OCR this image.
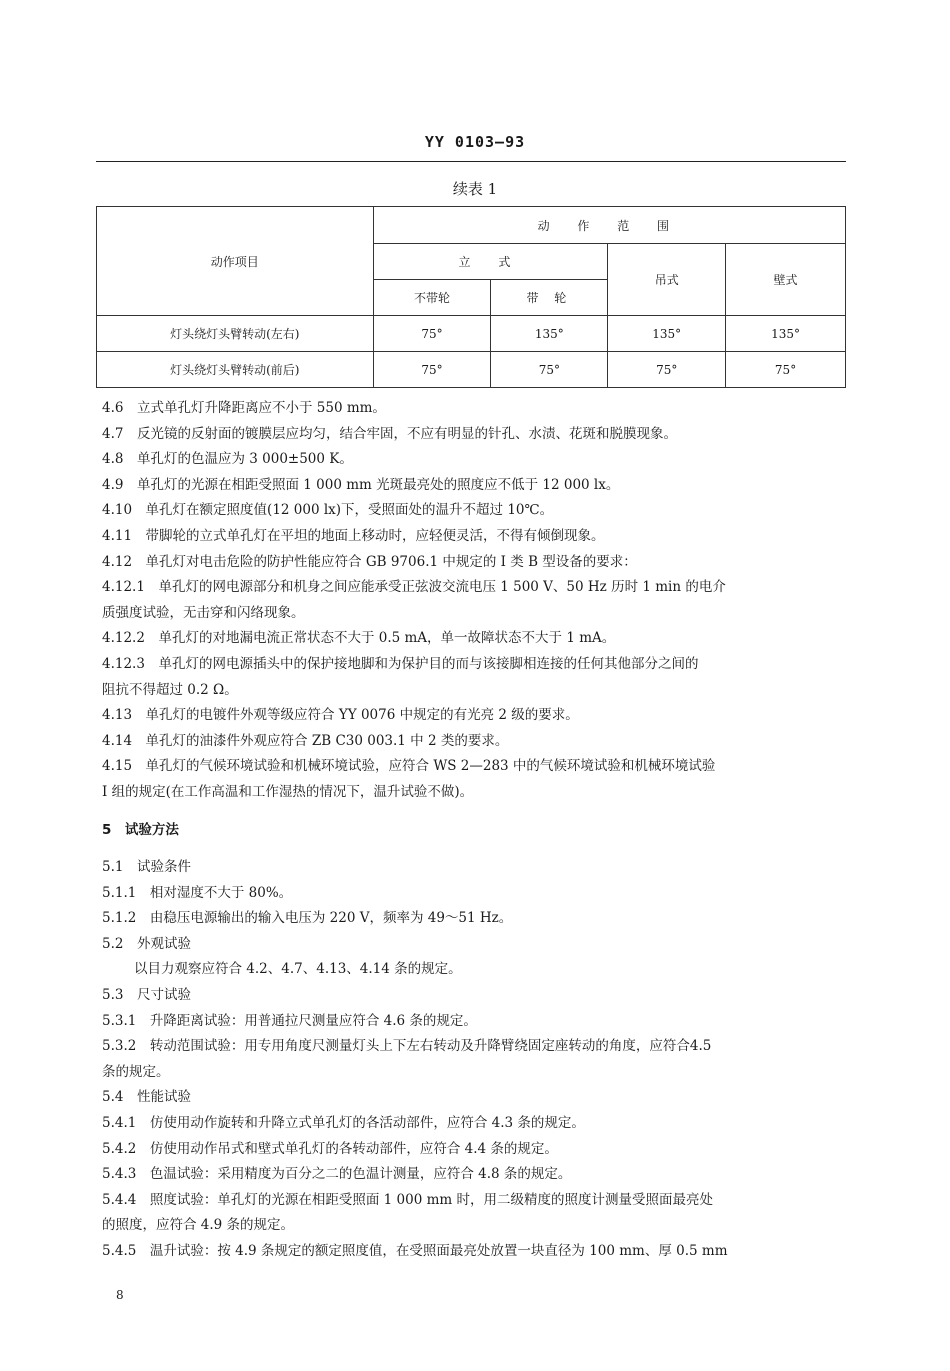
YY 0103—93
续表 1
动作项目	动 作 范 围			
	立 式		吊式	壁式
	不带轮	带 轮		
灯头绕灯头臂转动(左右)	75°	135°	135°	135°
灯头绕灯头臂转动(前后)	75°	75°	75°	75°
4.6　立式单孔灯升降距离应不小于 550 mm。
4.7　反光镜的反射面的镀膜层应均匀，结合牢固，不应有明显的针孔、水渍、花斑和脱膜现象。
4.8　单孔灯的色温应为 3 000±500 K。
4.9　单孔灯的光源在相距受照面 1 000 mm 光斑最亮处的照度应不低于 12 000 lx。
4.10　单孔灯在额定照度值(12 000 lx)下，受照面处的温升不超过 10℃。
4.11　带脚轮的立式单孔灯在平坦的地面上移动时，应轻便灵活，不得有倾倒现象。
4.12　单孔灯对电击危险的防护性能应符合 GB 9706.1 中规定的 I 类 B 型设备的要求：
4.12.1　单孔灯的网电源部分和机身之间应能承受正弦波交流电压 1 500 V、50 Hz 历时 1 min 的电介
质强度试验，无击穿和闪络现象。
4.12.2　单孔灯的对地漏电流正常状态不大于 0.5 mA，单一故障状态不大于 1 mA。
4.12.3　单孔灯的网电源插头中的保护接地脚和为保护目的而与该接脚相连接的任何其他部分之间的
阻抗不得超过 0.2 Ω。
4.13　单孔灯的电镀件外观等级应符合 YY 0076 中规定的有光亮 2 级的要求。
4.14　单孔灯的油漆件外观应符合 ZB C30 003.1 中 2 类的要求。
4.15　单孔灯的气候环境试验和机械环境试验，应符合 WS 2—283 中的气候环境试验和机械环境试验
I 组的规定(在工作高温和工作湿热的情况下，温升试验不做)。
5　试验方法
5.1　试验条件
5.1.1　相对湿度不大于 80%。
5.1.2　由稳压电源输出的输入电压为 220 V，频率为 49～51 Hz。
5.2　外观试验
以目力观察应符合 4.2、4.7、4.13、4.14 条的规定。
5.3　尺寸试验
5.3.1　升降距离试验：用普通拉尺测量应符合 4.6 条的规定。
5.3.2　转动范围试验：用专用角度尺测量灯头上下左右转动及升降臂绕固定座转动的角度，应符合4.5
条的规定。
5.4　性能试验
5.4.1　仿使用动作旋转和升降立式单孔灯的各活动部件，应符合 4.3 条的规定。
5.4.2　仿使用动作吊式和壁式单孔灯的各转动部件，应符合 4.4 条的规定。
5.4.3　色温试验：采用精度为百分之二的色温计测量，应符合 4.8 条的规定。
5.4.4　照度试验：单孔灯的光源在相距受照面 1 000 mm 时，用二级精度的照度计测量受照面最亮处
的照度，应符合 4.9 条的规定。
5.4.5　温升试验：按 4.9 条规定的额定照度值，在受照面最亮处放置一块直径为 100 mm、厚 0.5 mm
8
